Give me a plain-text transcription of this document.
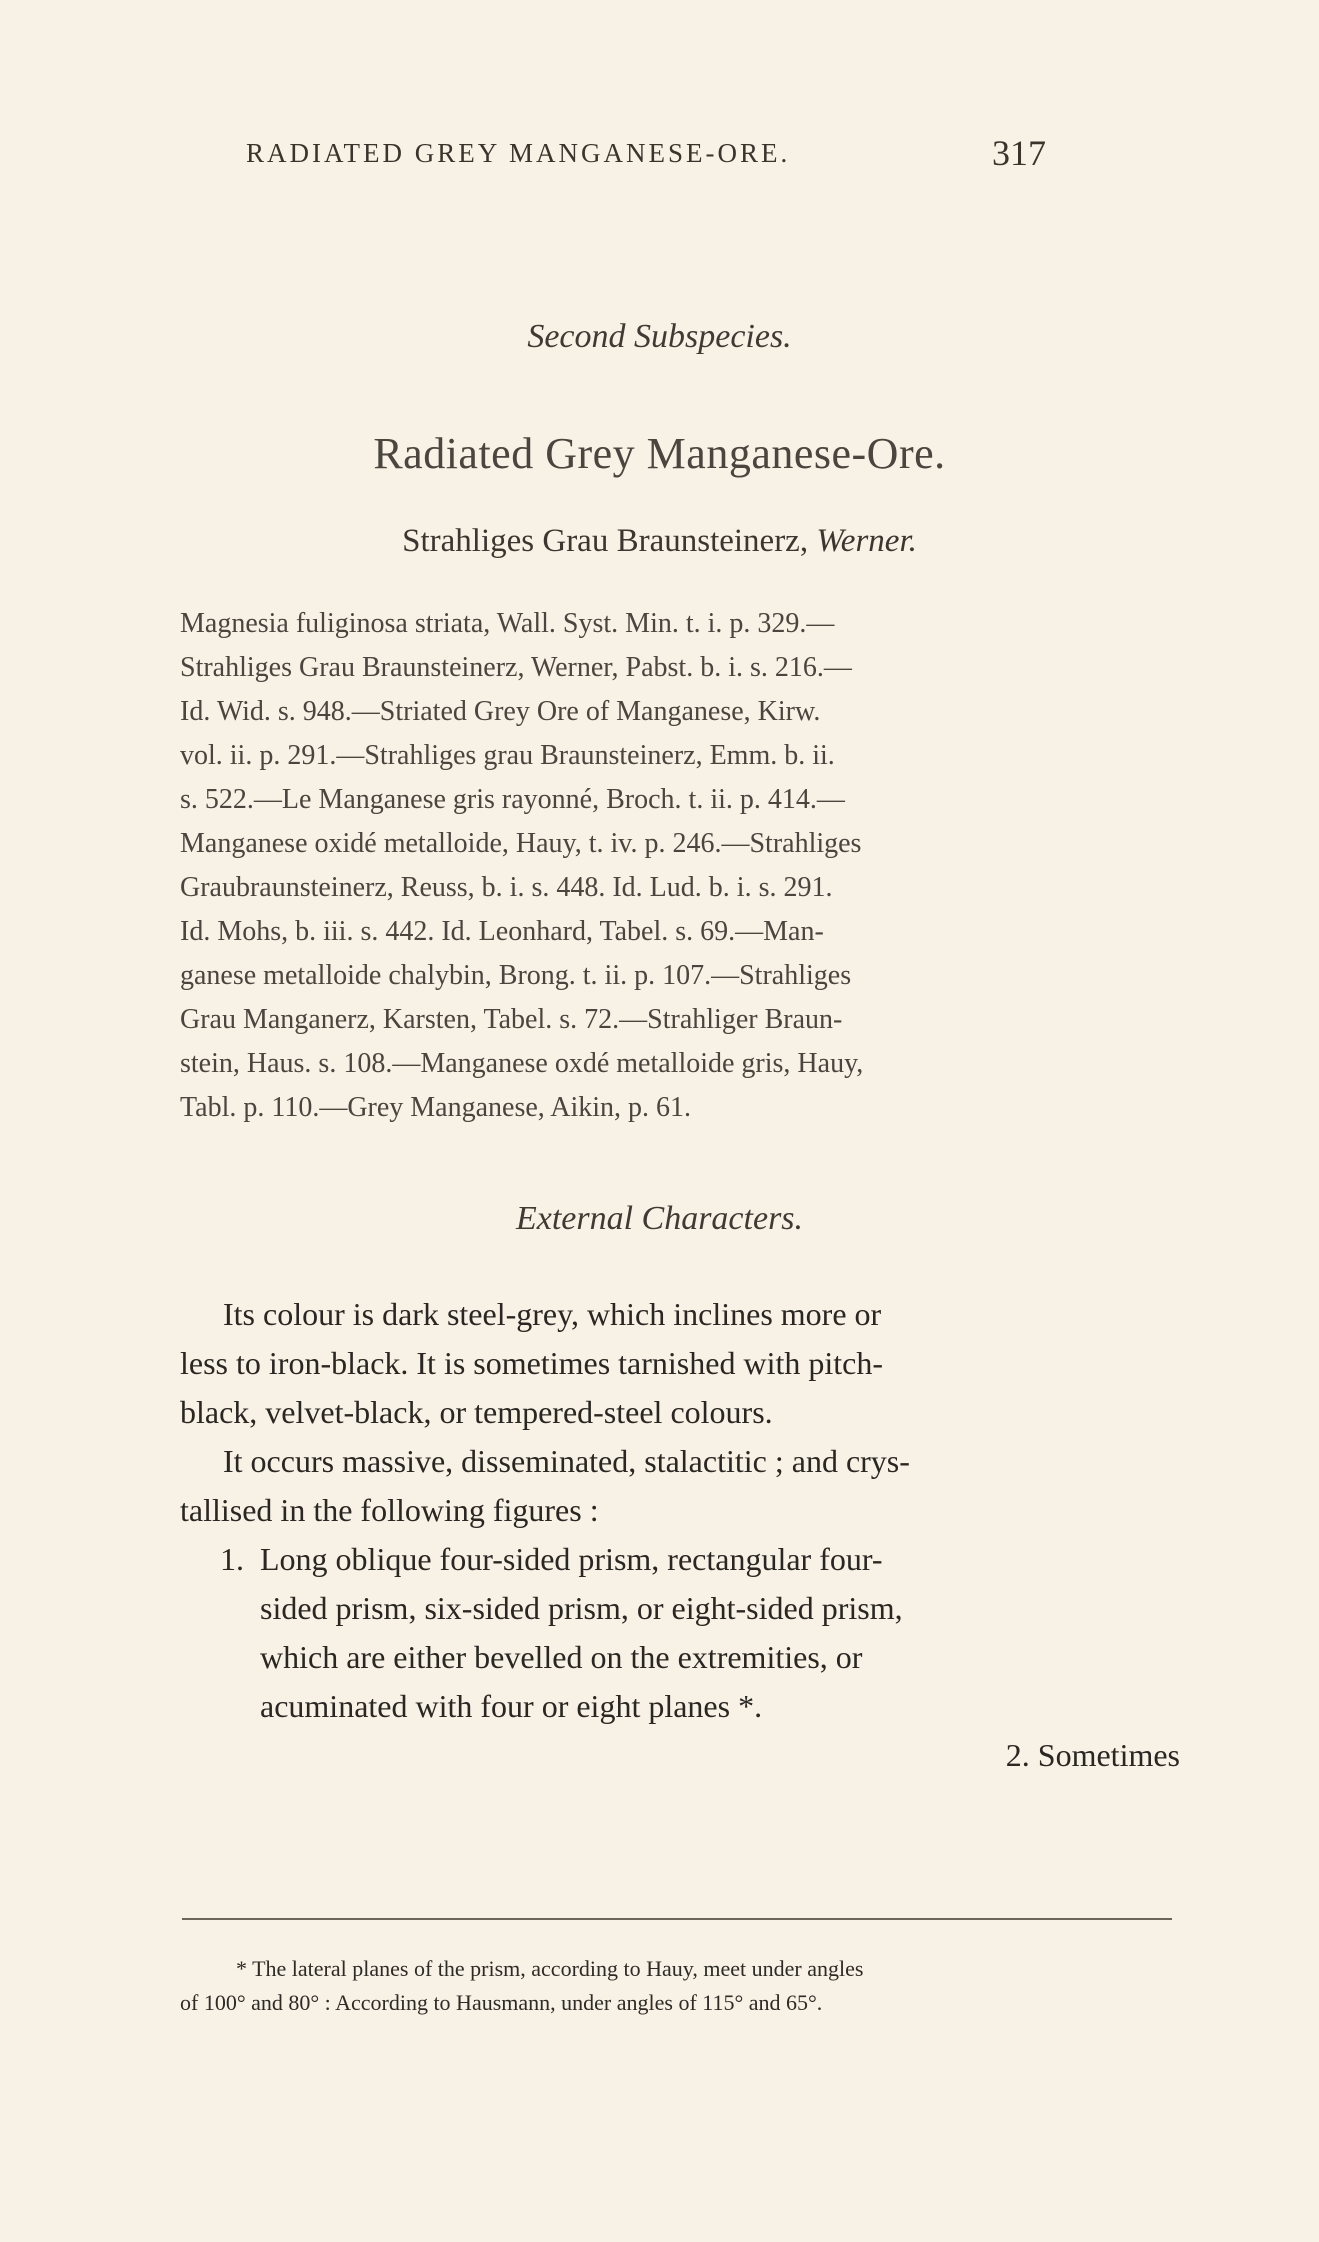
RADIATED GREY MANGANESE-ORE.	317
Second Subspecies.
Radiated Grey Manganese-Ore.
Strahliges Grau Braunsteinerz, Werner.
Magnesia fuliginosa striata, Wall. Syst. Min. t. i. p. 329.—
Strahliges Grau Braunsteinerz, Werner, Pabst. b. i. s. 216.—
Id. Wid. s. 948.—Striated Grey Ore of Manganese, Kirw.
vol. ii. p. 291.—Strahliges grau Braunsteinerz, Emm. b. ii.
s. 522.—Le Manganese gris rayonné, Broch. t. ii. p. 414.—
Manganese oxidé metalloide, Hauy, t. iv. p. 246.—Strahliges
Graubraunsteinerz, Reuss, b. i. s. 448. Id. Lud. b. i. s. 291.
Id. Mohs, b. iii. s. 442. Id. Leonhard, Tabel. s. 69.—Man-
ganese metalloide chalybin, Brong. t. ii. p. 107.—Strahliges
Grau Manganerz, Karsten, Tabel. s. 72.—Strahliger Braun-
stein, Haus. s. 108.—Manganese oxdé metalloide gris, Hauy,
Tabl. p. 110.—Grey Manganese, Aikin, p. 61.
External Characters.
Its colour is dark steel-grey, which inclines more or
less to iron-black. It is sometimes tarnished with pitch-
black, velvet-black, or tempered-steel colours.
It occurs massive, disseminated, stalactitic ; and crys-
tallised in the following figures :
1. Long oblique four-sided prism, rectangular four-
sided prism, six-sided prism, or eight-sided prism,
which are either bevelled on the extremities, or
acuminated with four or eight planes *.
2. Sometimes
* The lateral planes of the prism, according to Hauy, meet under angles
of 100° and 80° : According to Hausmann, under angles of 115° and 65°.
